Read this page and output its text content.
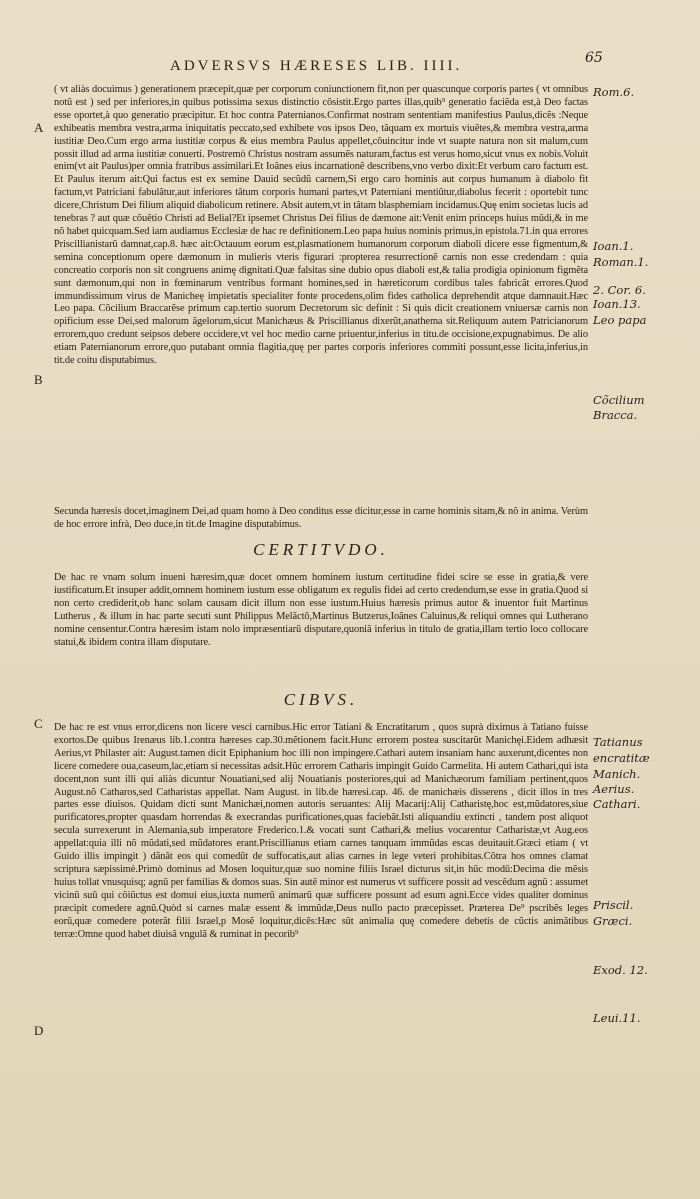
ADVERSVS HÆRESES LIB. IIII.	65
A
B
C
D
Rom.6.
Ioan.1.
Roman.1.
2. Cor. 6.
Ioan.13.
Leo papa
Cõcilium
Bracca.
Tatianus
encratitæ
Manich.
Aerius.
Cathari.
Priscil.
Græci.
Exod. 12.
Leui.11.

( vt aliàs docuimus ) generationem præcepit,quæ per corporum coniunctionem fit,non per quascunque corporis partes ( vt omnibus notũ est ) sed per inferiores,in quibus potissima sexus distinctio cõsistit.Ergo partes illas,quib⁹ generatio faciẽda est,à Deo factas esse oportet,à quo generatio præcipitur. Et hoc contra Paternianos.Confirmat nostram sententiam manifestius Paulus,dicẽs :Neque exhibeatis membra vestra,arma iniquitatis peccato,sed exhibete vos ipsos Deo, tãquam ex mortuis viuẽtes,& membra vestra,arma iustitiæ Deo.Cum ergo arma iustitiæ corpus & eius membra Paulus appellet,cõuincitur inde vt suapte natura non sit malum,cum possit illud ad arma iustitiæ conuerti. Postremò Christus nostram assumẽs naturam,factus est verus homo,sicut vnus ex nobis.Voluit enim(vt ait Paulus)per omnia fratribus assimilari.Et Ioãnes eius incarnationẽ describens,vno verbo dixit:Et verbum caro factum est. Et Paulus iterum ait:Qui factus est ex semine Dauid secũdũ carnem,Si ergo caro hominis aut corpus humanum à diabolo fit factum,vt Patriciani fabulãtur,aut inferiores tãtum corporis humani partes,vt Paterniani mentiũtur,diabolus fecerit : oportebit tunc dicere,Christum Dei filium aliquid diabolicum retinere. Absit autem,vt in tãtam blasphemiam incidamus.Quę enim societas lucis ad tenebras ? aut quæ cõuẽtio Christi ad Belial?Et ipsemet Christus Dei filius de dæmone ait:Venit enim princeps huius mũdi,& in me nõ habet quicquam.Sed iam audiamus Ecclesiæ de hac re definitionem.Leo papa huius nominis primus,in epistola.71.in qua errores Priscillianistarũ damnat,cap.8. hæc ait:Octauum eorum est,plasmationem humanorum corporum diaboli dicere esse figmentum,& semina conceptionum opere dæmonum in mulieris vteris figurari :propterea resurrectionẽ carnis non esse credendam : quia concreatio corporis non sit congruens animę dignitati.Quæ falsitas sine dubio opus diaboli est,& talia prodigia opinionum figmẽta sunt dæmonum,qui non in fœminarum ventribus formant homines,sed in hæreticorum cordibus tales fabricãt errores.Quod immundissimum virus de Manicheę impietatis specialiter fonte procedens,olim fides catholica deprehendit atque damnauit.Hæc Leo papa. Cõcilium Braccarẽse primum cap.tertio suorum Decretorum sic definit : Si quis dicit creationem vniuersæ carnis non opificium esse Dei,sed malorum ãgelorum,sicut Manichæus & Priscillianus dixerũt,anathema sit.Reliquum autem Patricianorum errorem,quo credunt seipsos debere occidere,vt vel hoc medio carne priuentur,inferius in titu.de occisione,expugnabimus. De alio etiam Paternianorum errore,quo putabant omnia flagitia,quę per partes corporis inferiores commiti possunt,esse licita,inferius,in tit.de coitu disputabimus.

Secunda hæresis docet,imaginem Dei,ad quam homo à Deo conditus esse dicitur,esse in carne hominis sitam,& nõ in anima. Verùm de hoc errore infrà, Deo duce,in tit.de Imagine disputabimus.

CERTITVDO.

De hac re vnam solum inueni hæresim,quæ docet omnem hominem iustum certitudine fidei scire se esse in gratia,& vere iustificatum.Et insuper addit,omnem hominem iustum esse obligatum ex regulis fidei ad certo credendum,se esse in gratia.Quod si non certo crediderit,ob hanc solam causam dicit illum non esse iustum.Huius hæresis primus autor & inuentor fuit Martinus Lutherus , & illum in hac parte secuti sunt Philippus Melãctõ,Martinus Butzerus,Ioãnes Caluinus,& reliqui omnes qui Lutherano nomine censentur.Contra hæresim istam nolo impræsentiarũ disputare,quoniã inferius in titulo de gratia,illam tertio loco collocare statui,& ibidem contra illam disputare.

CIBVS.

De hac re est vnus error,dicens non licere vesci carnibus.Hic error Tatiani & Encratitarum , quos suprà diximus à Tatiano fuisse exortos.De quibus Irenæus lib.1.contra hæreses cap.30.mẽtionem facit.Hunc errorem postea suscitarũt Manichęi.Eidem adhæsit Aerius,vt Philaster ait: August.tamen dicit Epiphanium hoc illi non impingere.Cathari autem insaniam hanc auxerunt,dicentes non licere comedere oua,caseum,lac,etiam si necessitas adsit.Hũc errorem Catharis impingit Guido Carmelita. Hi autem Cathari,qui ista docent,non sunt illi qui aliàs dicuntur Nouatiani,sed alij Nouatianis posteriores,qui ad Manichæorum familiam pertinent,quos August.nõ Catharos,sed Catharistas appellat. Nam August. in lib.de hæresi.cap. 46. de manichæis disserens , dicit illos in tres partes esse diuisos. Quidam dicti sunt Manichæi,nomen autoris seruantes: Alij Macarij:Alij Catharistę,hoc est,mũdatores,siue purificatores,propter quasdam horrendas & execrandas purificationes,quas faciebãt.Isti aliquandiu extincti , tandem post aliquot secula surrexerunt in Alemania,sub imperatore Frederico.1.& vocati sunt Cathari,& melius vocarentur Catharistæ,vt Aug.eos appellat:quia illi nõ mũdati,sed mũdatores erant.Priscillianus etiam carnes tanquam immũdas escas deuitauit.Græci etiam ( vt Guido illis impingit ) dãnãt eos qui comedũt de suffocatis,aut alias carnes in lege veteri prohibitas.Cõtra hos omnes clamat scriptura sæpissimè.Primò dominus ad Mosen loquitur,quæ suo nomine filiis Israel dicturus sit,in hũc modũ:Decima die mẽsis huius tollat vnusquisq; agnũ per familias & domos suas. Sin autẽ minor est numerus vt sufficere possit ad vescẽdum agnũ : assumet vicinũ suũ qui cõiũctus est domui eius,iuxta numerũ animarũ quæ sufficere possunt ad esum agni.Ecce vides qualiter dominus præcipit comedere agnũ.Quòd si carnes malæ essent & immũdæ,Deus nullo pacto præcepisset. Præterea De⁹ pscribẽs leges eorũ,quæ comedere poterãt filii Israel,p Mosẽ loquitur,dicẽs:Hæc sũt animalia quę comedere debetis de cũctis animãtibus terræ:Omne quod habet diuisã vngulã & ruminat in pecorib⁹
